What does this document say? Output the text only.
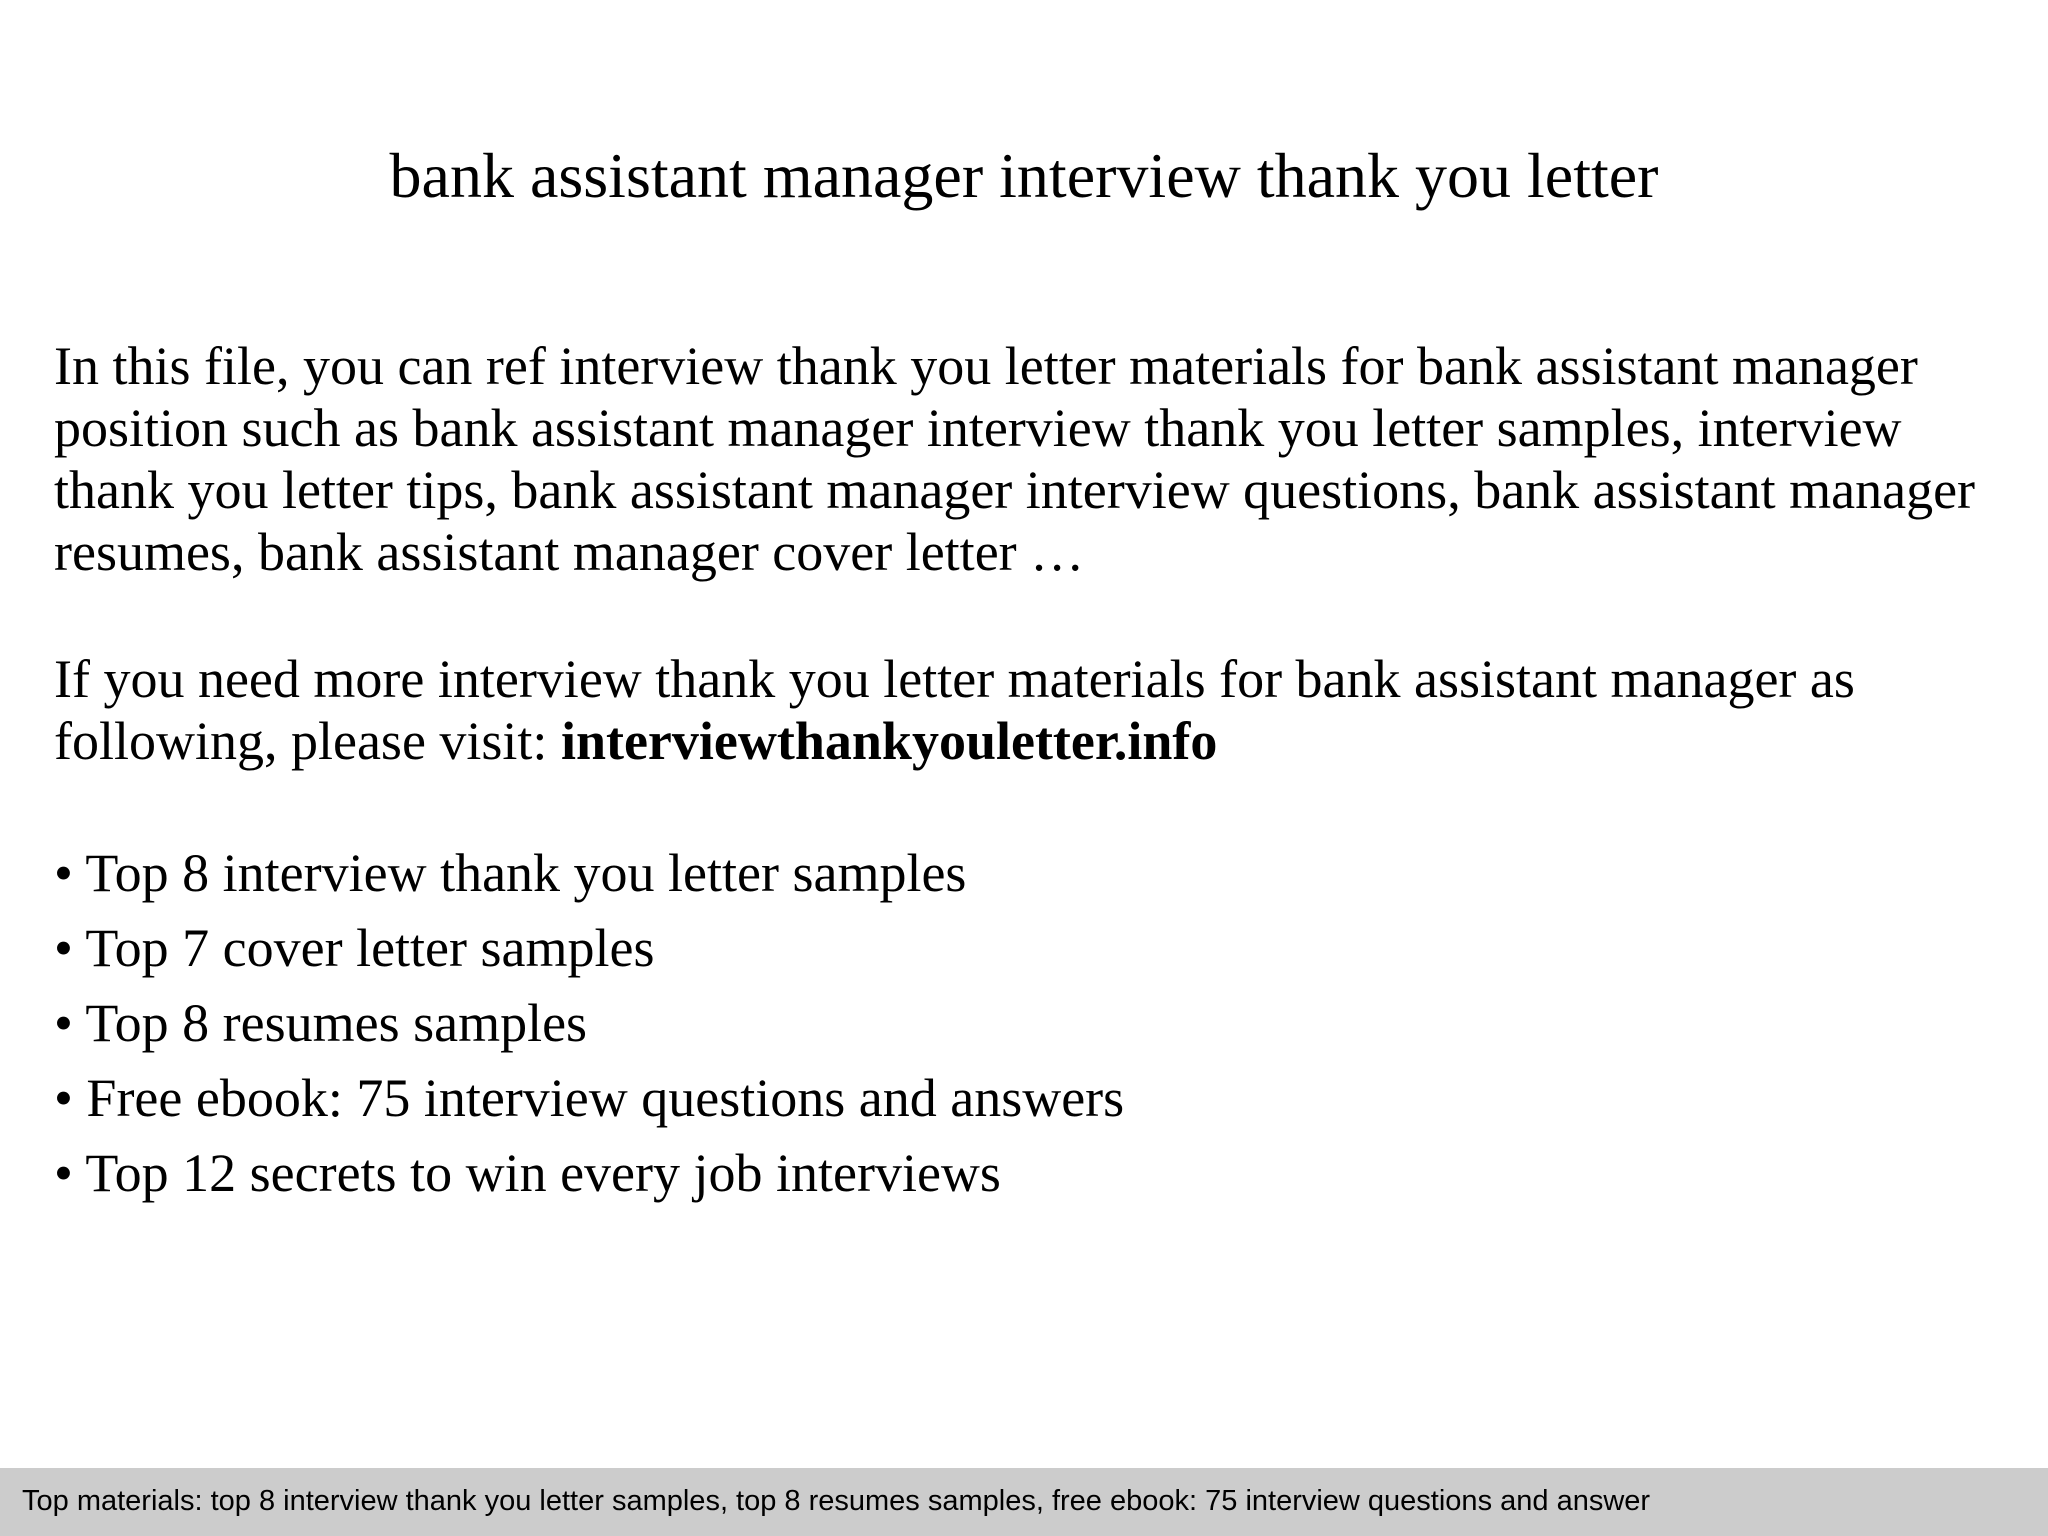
bank assistant manager interview thank you letter
In this file, you can ref interview thank you letter materials for bank assistant manager position such as bank assistant manager interview thank you letter samples, interview thank you letter tips, bank assistant manager interview questions, bank assistant manager resumes, bank assistant manager cover letter …
If you need more interview thank you letter materials for bank assistant manager as following, please visit: interviewthankyouletter.info
• Top 8 interview thank you letter samples
• Top 7 cover letter samples
• Top 8 resumes samples
• Free ebook: 75 interview questions and answers
• Top 12 secrets to win every job interviews
Top materials: top 8 interview thank you letter samples, top 8 resumes samples, free ebook: 75 interview questions and answer
